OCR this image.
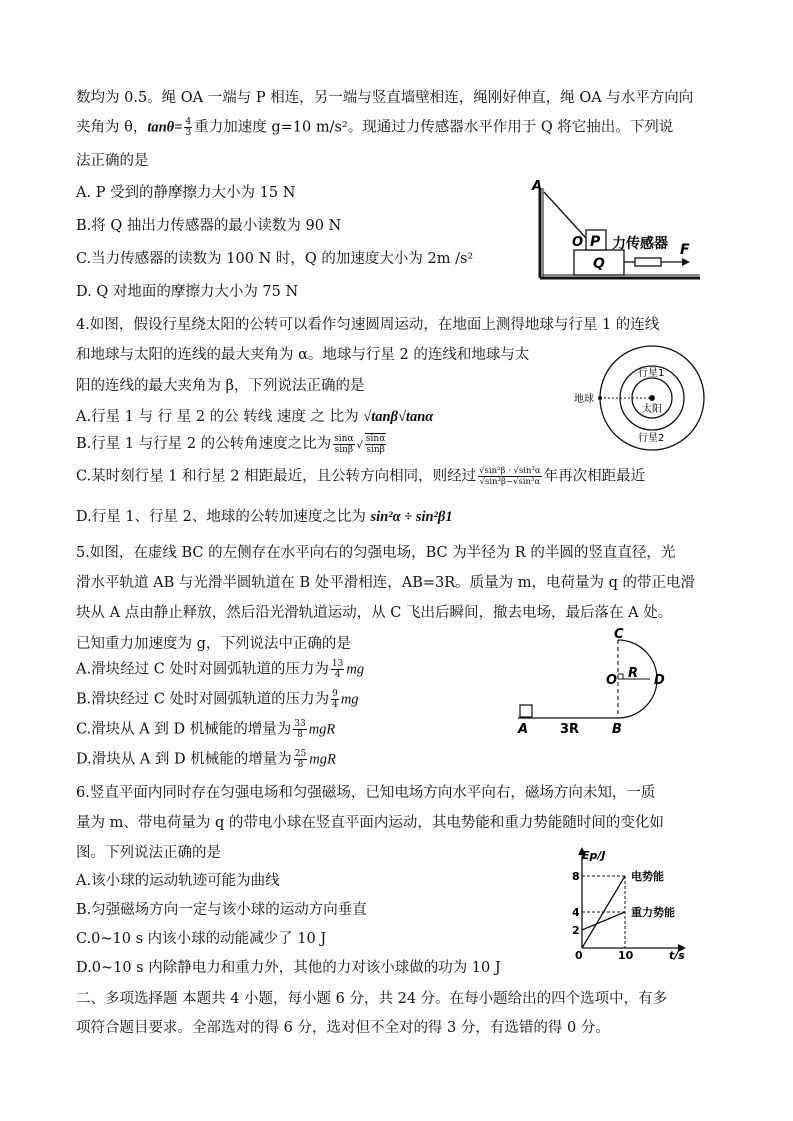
数均为 0.5。绳 OA 一端与 P 相连，另一端与竖直墙壁相连，绳刚好伸直，绳 OA 与水平方向向
夹角为 θ，$\tan\theta= \frac{4}{3}$ 重力加速度 g=10 m/s²。现通过力传感器水平作用于 Q 将它抽出。下列说
法正确的是
A. P 受到的静摩擦力大小为 15 N
B.将 Q 抽出力传感器的最小读数为 90 N
C.当力传感器的读数为 100 N 时，Q 的加速度大小为 2m /s²
D. Q 对地面的摩擦力大小为 75 N
A
O P
Q
力传感器 F
4.如图，假设行星绕太阳的公转可以看作匀速圆周运动，在地面上测得地球与行星 1 的连线
和地球与太阳的连线的最大夹角为 α。地球与行星 2 的连线和地球与太
阳的连线的最大夹角为 β，下列说法正确的是
A.行星 1 与 行 星 2 的公 转线 速度 之 比为 √tanβ√tanα
B.行星 1 与行星 2 的公转角速度之比为 $\frac{\sin\alpha}{\sin\beta}$ √ $\frac{\sin\alpha}{\sin\beta}$
C.某时刻行星 1 和行星 2 相距最近，且公转方向相同，则经过 $\frac{\text{√sin³β · √sin³α}}{\text{√sin³β−√sin³α}}$ 年再次相距最近
D.行星 1、行星 2、地球的公转加速度之比为 sin²α ÷ sin²β1
地球
行星1
太阳
行星2
5.如图，在虚线 BC 的左侧存在水平向右的匀强电场，BC 为半径为 R 的半圆的竖直直径，光
滑水平轨道 AB 与光滑半圆轨道在 B 处平滑相连，AB=3R。质量为 m，电荷量为 q 的带正电滑
块从 A 点由静止释放，然后沿光滑轨道运动，从 C 飞出后瞬间，撤去电场，最后落在 A 处。
已知重力加速度为 g，下列说法中正确的是
A.滑块经过 C 处时对圆弧轨道的压力为 $\frac{13}{4}$ mg
B.滑块经过 C 处时对圆弧轨道的压力为 $\frac{9}{4}$ mg
C.滑块从 A 到 D 机械能的增量为 $\frac{33}{8}$ mgR
D.滑块从 A 到 D 机械能的增量为 $\frac{25}{8}$ mgR
C
O R D
A 3R	B
6.竖直平面内同时存在匀强电场和匀强磁场，已知电场方向水平向右，磁场方向未知，一质
量为 m、带电荷量为 q 的带电小球在竖直平面内运动，其电势能和重力势能随时间的变化如
图。下列说法正确的是
A.该小球的运动轨迹可能为曲线
B.匀强磁场方向一定与该小球的运动方向垂直
C.0~10 s 内该小球的动能减少了 10 J
D.0~10 s 内除静电力和重力外，其他的力对该小球做的功为 10 J
Ep/J
t/s
8
4
2
0	10
电势能
重力势能
二、多项选择题 本题共 4 小题，每小题 6 分，共 24 分。在每小题给出的四个选项中，有多
项符合题目要求。全部选对的得 6 分，选对但不全对的得 3 分，有选错的得 0 分。
